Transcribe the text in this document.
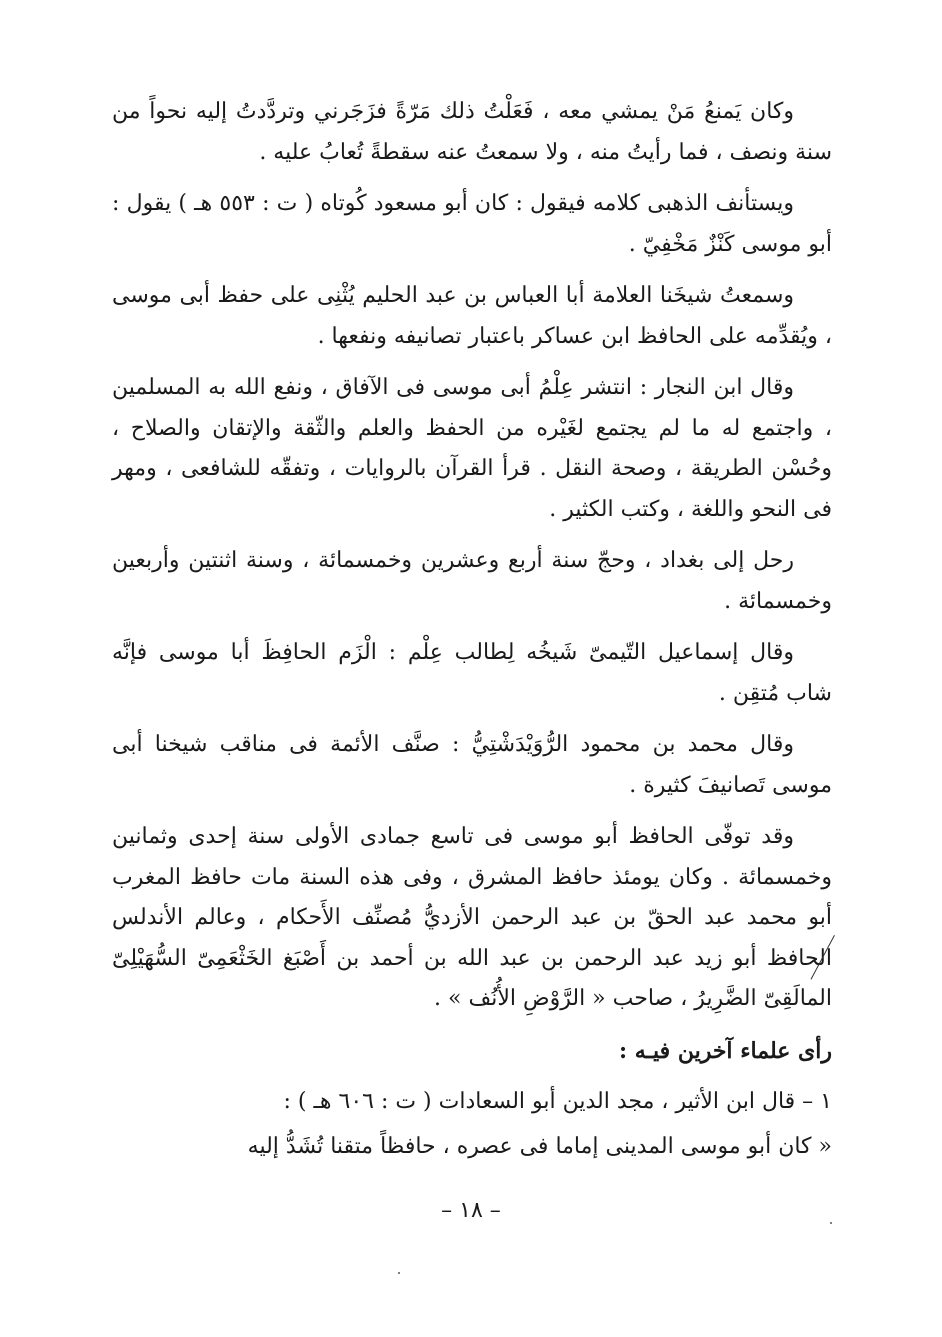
وكان يَمنعُ مَنْ يمشي معه ، فَعَلْتُ ذلك مَرّةً فزَجَرني وتردَّدتُ إليه نحواً من سنة ونصف ، فما رأيتُ منه ، ولا سمعتُ عنه سقطةً تُعابُ عليه .

ويستأنف الذهبى كلامه فيقول : كان أبو مسعود كُوتاه ( ت : ٥٥٣ هـ ) يقول : أبو موسى كَنْزٌ مَخْفِيّ .

وسمعتُ شيخَنا العلامة أبا العباس بن عبد الحليم يُثْنِى على حفظ أبى موسى ، ويُقدِّمه على الحافظ ابن عساكر باعتبار تصانيفه ونفعها .

وقال ابن النجار : انتشر عِلْمُ أبى موسى فى الآفاق ، ونفع الله به المسلمين ، واجتمع له ما لم يجتمع لغَيْره من الحفظ والعلم والثّقة والإتقان والصلاح ، وحُسْن الطريقة ، وصحة النقل . قرأ القرآن بالروايات ، وتفقّه للشافعى ، ومهر فى النحو واللغة ، وكتب الكثير .

رحل إلى بغداد ، وحجّ سنة أربع وعشرين وخمسمائة ، وسنة اثنتين وأربعين وخمسمائة .

وقال إسماعيل التّيمىّ شَيخُه لِطالب عِلْم : الْزَم الحافِظَ أبا موسى فإنَّه شاب مُتقِن .

وقال محمد بن محمود الرُّوَيْدَشْتِيُّ : صنَّف الأئمة فى مناقب شيخنا أبى موسى تَصانيفَ كثيرة .

وقد توفّى الحافظ أبو موسى فى تاسع جمادى الأولى سنة إحدى وثمانين وخمسمائة . وكان يومئذ حافظ المشرق ، وفى هذه السنة مات حافظ المغرب أبو محمد عبد الحقّ بن عبد الرحمن الأزديُّ مُصنِّف الأَحكام ، وعالم الأندلس الحافظ أبو زيد عبد الرحمن بن عبد الله بن أحمد بن أَصْبَغ الخَثْعَمِىّ السُّهَيْلِىّ المالَقِىّ الضَّرِيرُ ، صاحب « الرَّوْضِ الأُنُف » .

رأى علماء آخرين فيـه :

١ – قال ابن الأثير ، مجد الدين أبو السعادات ( ت : ٦٠٦ هـ ) :

« كان أبو موسى المدينى إماما فى عصره ، حافظاً متقنا تُشَدُّ إليه

– ١٨ –
